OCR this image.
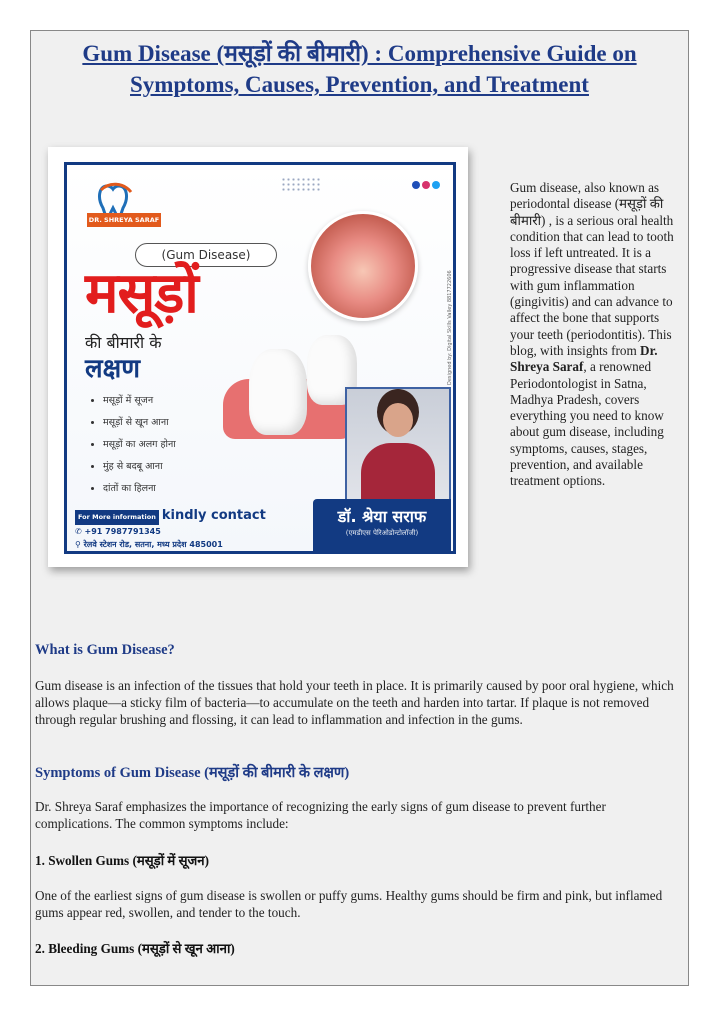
Gum Disease (मसूड़ों की बीमारी) : Comprehensive Guide on
Symptoms, Causes, Prevention, and Treatment
DR. SHREYA SARAF
(Gum Disease)
मसूड़ों
की बीमारी के
लक्षण
• मसूड़ों में सूजन
• मसूड़ों से खून आना
• मसूड़ों का अलग होना
• मुंह से बदबू आना
• दांतों का हिलना
Designed by: Digital Skills Valley 8817722606
For More information kindly contact
✆ +91 7987791345
⚲ रेलवे स्टेशन रोड, सतना, मध्य प्रदेश 485001
डॉ. श्रेया सराफ
(एमडीएस पेरिओडोन्टोलॉजी)
Gum disease, also known as periodontal disease (मसूड़ों की बीमारी) , is a serious oral health condition that can lead to tooth loss if left untreated. It is a progressive disease that starts with gum inflammation (gingivitis) and can advance to affect the bone that supports your teeth (periodontitis). This blog, with insights from Dr. Shreya Saraf, a renowned Periodontologist in Satna, Madhya Pradesh, covers everything you need to know about gum disease, including symptoms, causes, stages, prevention, and available treatment options.
What is Gum Disease?
Gum disease is an infection of the tissues that hold your teeth in place. It is primarily caused by poor oral hygiene, which allows plaque—a sticky film of bacteria—to accumulate on the teeth and harden into tartar. If plaque is not removed through regular brushing and flossing, it can lead to inflammation and infection in the gums.
Symptoms of Gum Disease (मसूड़ों की बीमारी के लक्षण)
Dr. Shreya Saraf emphasizes the importance of recognizing the early signs of gum disease to prevent further complications. The common symptoms include:
1. Swollen Gums (मसूड़ों में सूजन)
One of the earliest signs of gum disease is swollen or puffy gums. Healthy gums should be firm and pink, but inflamed gums appear red, swollen, and tender to the touch.
2. Bleeding Gums (मसूड़ों से खून आना)
